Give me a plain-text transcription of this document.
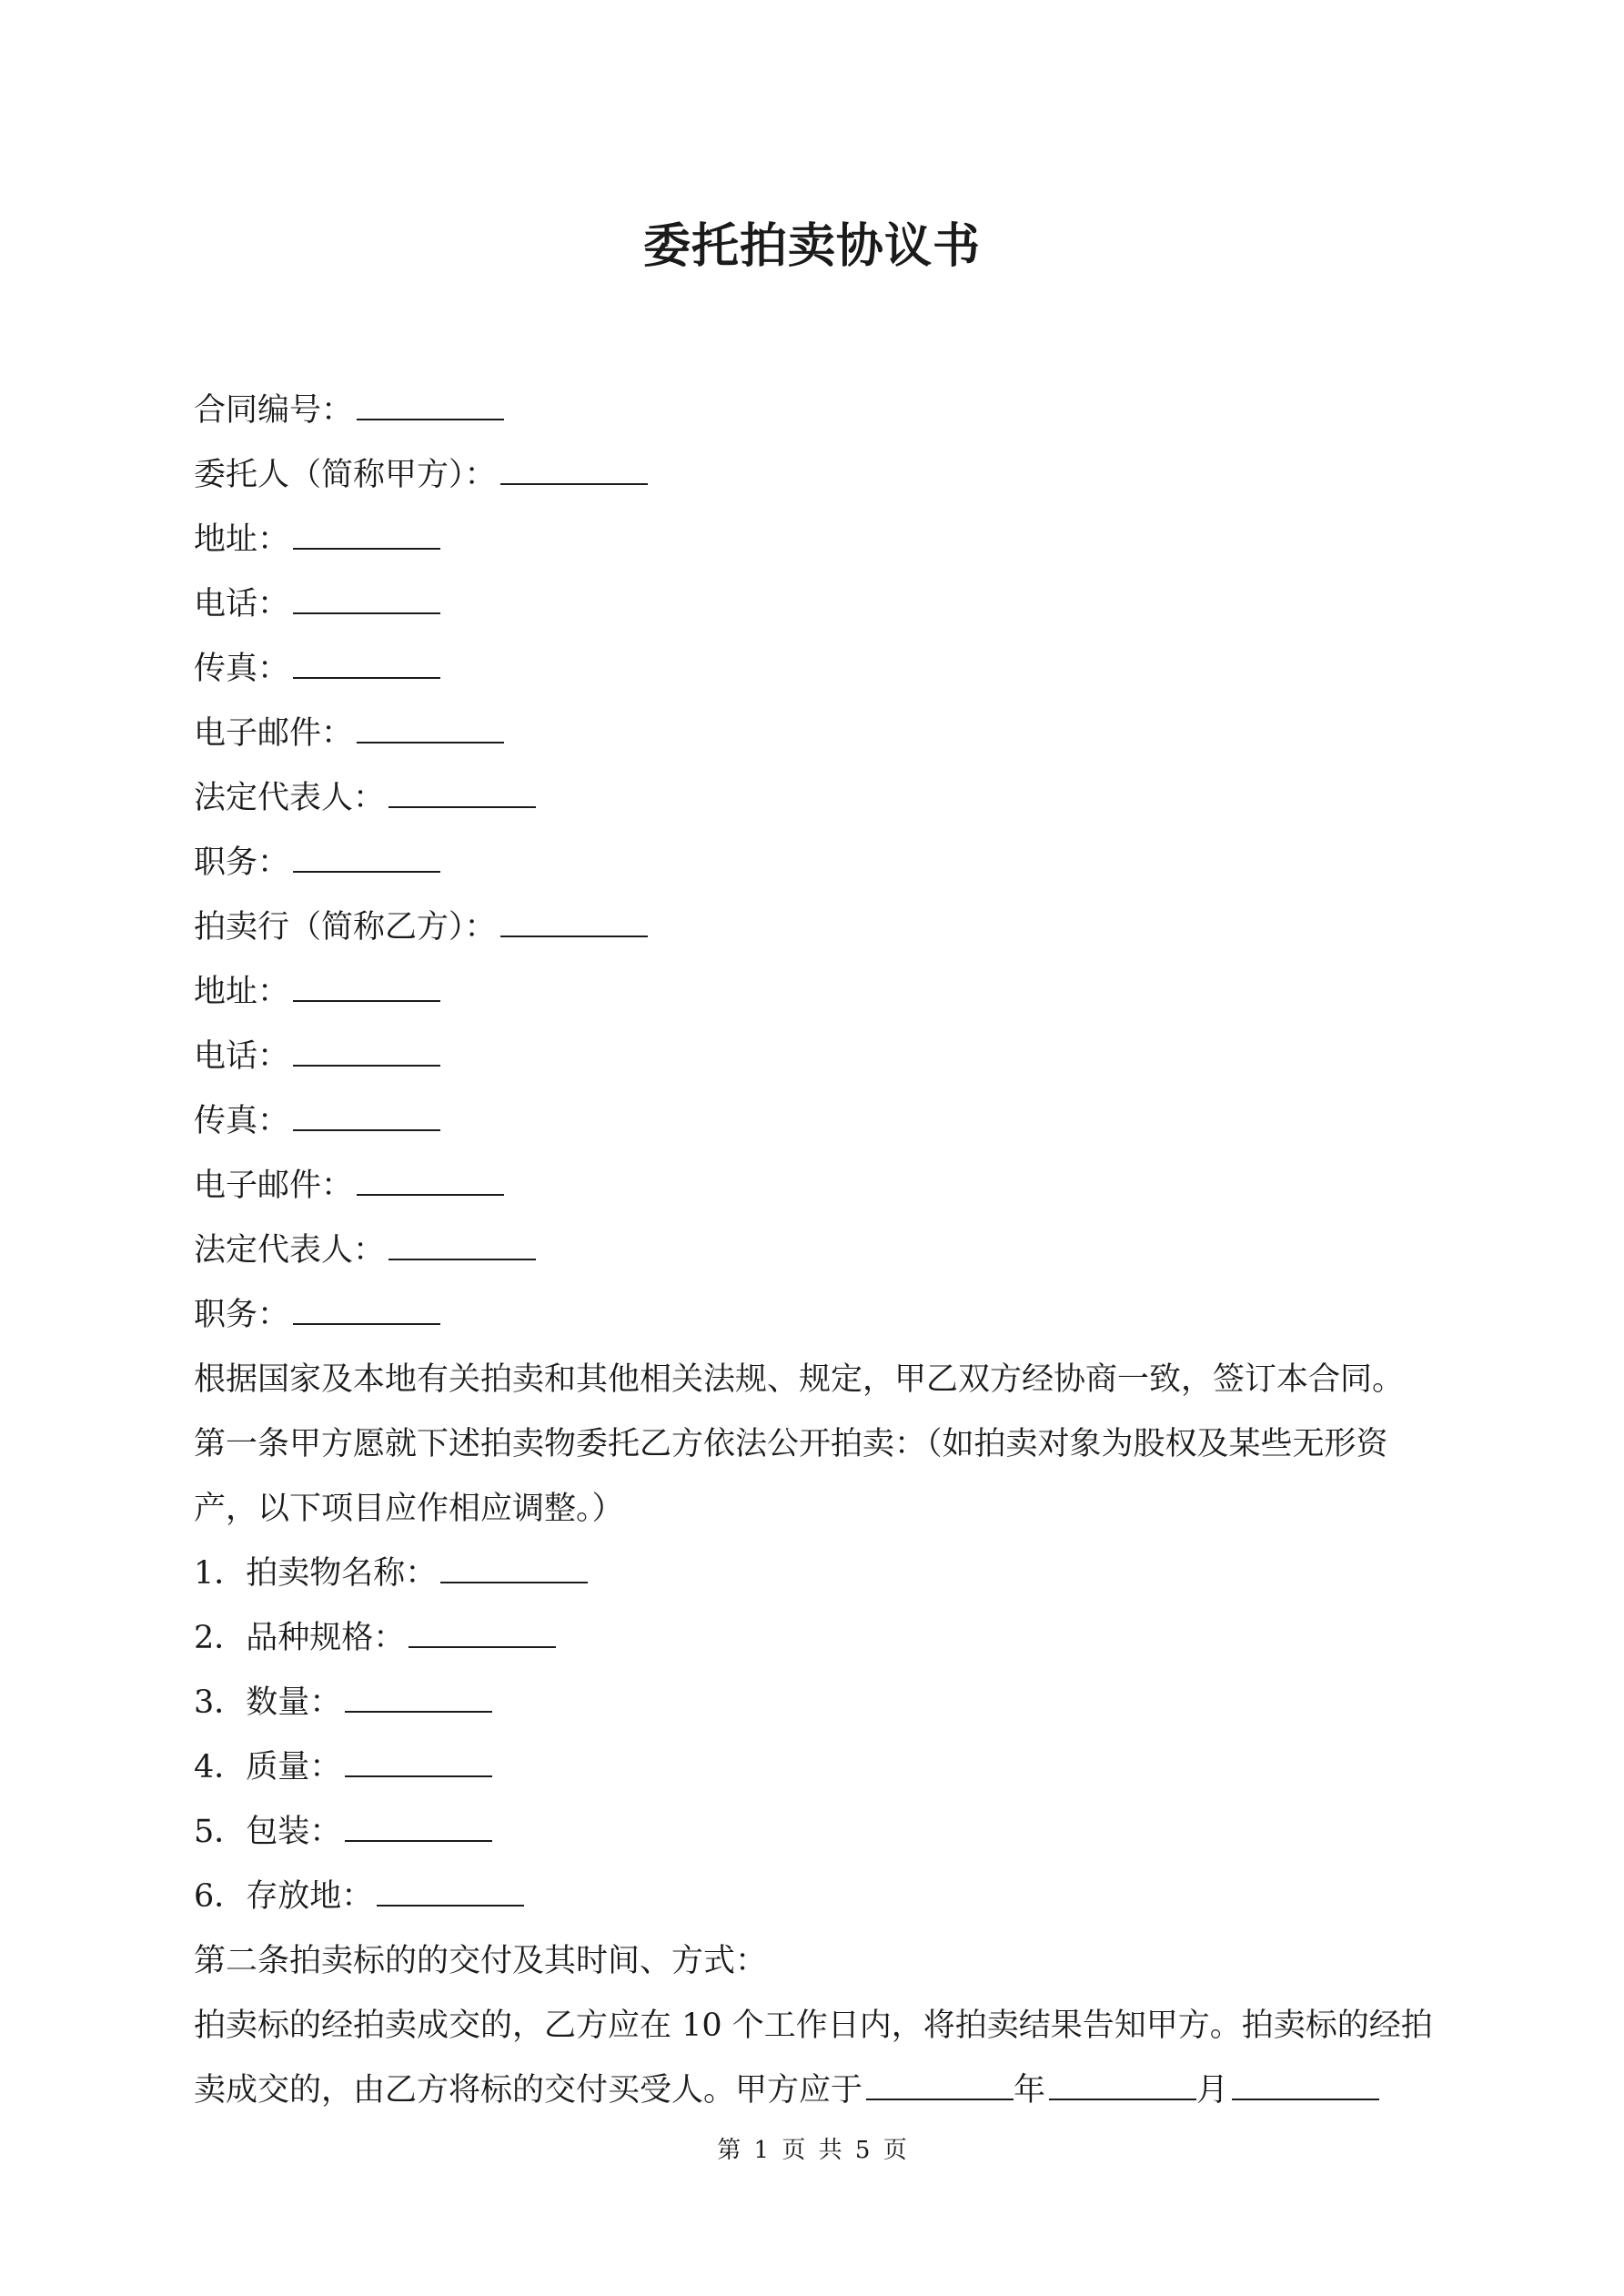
委托拍卖协议书
合同编号：
委托人（简称甲方）：
地址：
电话：
传真：
电子邮件：
法定代表人：
职务：
拍卖行（简称乙方）：
地址：
电话：
传真：
电子邮件：
法定代表人：
职务：
根据国家及本地有关拍卖和其他相关法规、规定，甲乙双方经协商一致，签订本合同。
第一条甲方愿就下述拍卖物委托乙方依法公开拍卖：（如拍卖对象为股权及某些无形资产，以下项目应作相应调整。）
1．拍卖物名称：
2．品种规格：
3．数量：
4．质量：
5．包装：
6．存放地：
第二条拍卖标的的交付及其时间、方式：
拍卖标的经拍卖成交的，乙方应在 10 个工作日内，将拍卖结果告知甲方。拍卖标的经拍卖成交的，由乙方将标的交付买受人。甲方应于	年	月
第 1 页 共 5 页
